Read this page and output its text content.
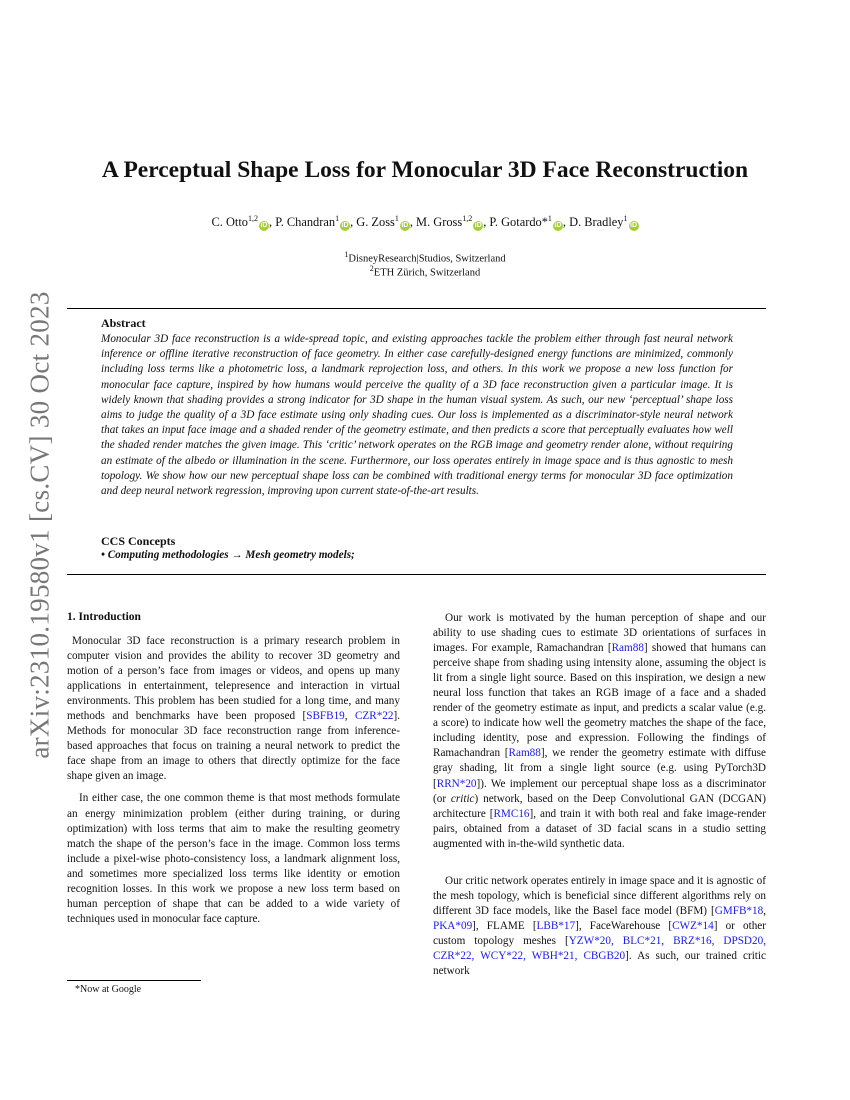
arXiv:2310.19580v1 [cs.CV] 30 Oct 2023
A Perceptual Shape Loss for Monocular 3D Face Reconstruction
C. Otto$^{1,2}$iD , P. Chandran$^1$iD , G. Zoss$^1$iD , M. Gross$^{1,2}$iD , P. Gotardo*$^1$iD , D. Bradley$^1$iD
$^1$DisneyResearch|Studios, Switzerland
$^2$ETH Zürich, Switzerland
Abstract
Monocular 3D face reconstruction is a wide-spread topic, and existing approaches tackle the problem either through fast neural network inference or offline iterative reconstruction of face geometry. In either case carefully-designed energy functions are minimized, commonly including loss terms like a photometric loss, a landmark reprojection loss, and others. In this work we propose a new loss function for monocular face capture, inspired by how humans would perceive the quality of a 3D face reconstruction given a particular image. It is widely known that shading provides a strong indicator for 3D shape in the human visual system. As such, our new ‘perceptual’ shape loss aims to judge the quality of a 3D face estimate using only shading cues. Our loss is implemented as a discriminator-style neural network that takes an input face image and a shaded render of the geometry estimate, and then predicts a score that perceptually evaluates how well the shaded render matches the given image. This ‘critic’ network operates on the RGB image and geometry render alone, without requiring an estimate of the albedo or illumination in the scene. Furthermore, our loss operates entirely in image space and is thus agnostic to mesh topology. We show how our new perceptual shape loss can be combined with traditional energy terms for monocular 3D face optimization and deep neural network regression, improving upon current state-of-the-art results.
CCS Concepts
• Computing methodologies → Mesh geometry models;
1. Introduction

Monocular 3D face reconstruction is a primary research problem in computer vision and provides the ability to recover 3D geometry and motion of a person’s face from images or videos, and opens up many applications in entertainment, telepresence and interaction in virtual environments. This problem has been studied for a long time, and many methods and benchmarks have been proposed [SBFB19, CZR*22]. Methods for monocular 3D face reconstruction range from inference-based approaches that focus on training a neural network to predict the face shape from an image to others that directly optimize for the face shape given an image.

In either case, the one common theme is that most methods formulate an energy minimization problem (either during training, or during optimization) with loss terms that aim to make the resulting geometry match the shape of the person’s face in the image. Common loss terms include a pixel-wise photo-consistency loss, a landmark alignment loss, and sometimes more specialized loss terms like identity or emotion recognition losses. In this work we propose a new loss term based on human perception of shape that can be added to a wide variety of techniques used in monocular face capture.

Our work is motivated by the human perception of shape and our ability to use shading cues to estimate 3D orientations of surfaces in images. For example, Ramachandran [Ram88] showed that humans can perceive shape from shading using intensity alone, assuming the object is lit from a single light source. Based on this inspiration, we design a new neural loss function that takes an RGB image of a face and a shaded render of the geometry estimate as input, and predicts a scalar value (e.g. a score) to indicate how well the geometry matches the shape of the face, including identity, pose and expression. Following the findings of Ramachandran [Ram88], we render the geometry estimate with diffuse gray shading, lit from a single light source (e.g. using PyTorch3D [RRN*20]). We implement our perceptual shape loss as a discriminator (or critic) network, based on the Deep Convolutional GAN (DCGAN) architecture [RMC16], and train it with both real and fake image-render pairs, obtained from a dataset of 3D facial scans in a studio setting augmented with in-the-wild synthetic data.

Our critic network operates entirely in image space and it is agnostic of the mesh topology, which is beneficial since different algorithms rely on different 3D face models, like the Basel face model (BFM) [GMFB*18, PKA*09], FLAME [LBB*17], FaceWarehouse [CWZ*14] or other custom topology meshes [YZW*20, BLC*21, BRZ*16, DPSD20, CZR*22, WCY*22, WBH*21, CBGB20]. As such, our trained critic network

*Now at Google
